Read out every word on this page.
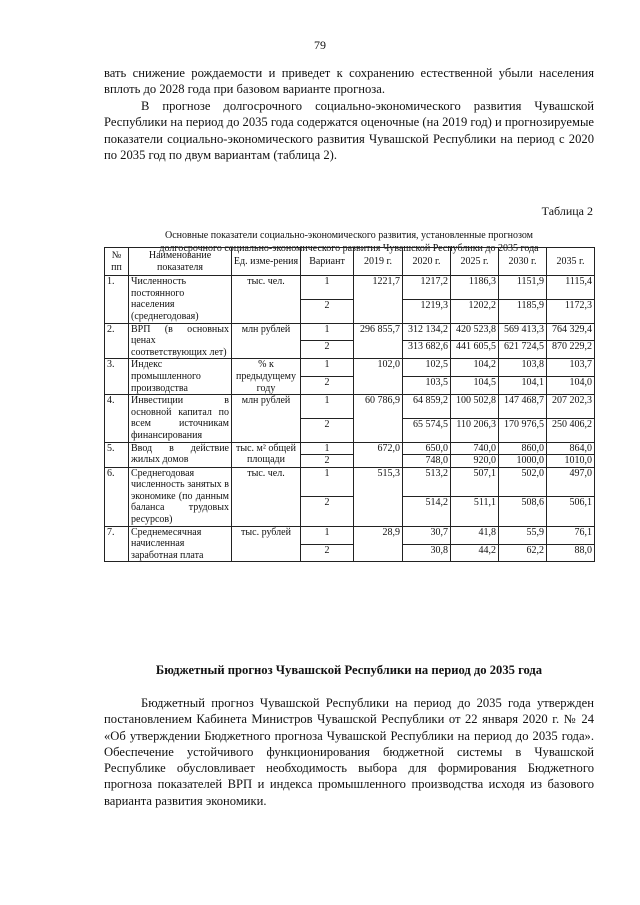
79

вать снижение рождаемости и приведет к сохранению естественной убыли населения вплоть до 2028 года при базовом варианте прогноза.

В прогнозе долгосрочного социально-экономического развития Чувашской Республики на период до 2035 года содержатся оценочные (на 2019 год) и прогнозируемые показатели социально-экономического развития Чувашской Республики на период с 2020 по 2035 год по двум вариантам (таблица 2).

Таблица 2
Основные показатели социально-экономического развития, установленные прогнозом
долгосрочного социально-экономического развития Чувашской Республики до 2035 года
№ пп	Наименование показателя	Ед. изме-рения	Вариант	2019 г.	2020 г.	2025 г.	2030 г.	2035 г.
1.	Численность постоянного населения (среднегодовая)	тыс. чел.	1	1221,7	1217,2	1186,3	1151,9	1115,4
			2		1219,3	1202,2	1185,9	1172,3
2.	ВРП (в основных ценах соответствующих лет)	млн рублей	1	296 855,7	312 134,2	420 523,8	569 413,3	764 329,4
			2		313 682,6	441 605,5	621 724,5	870 229,2
3.	Индекс промышленного производства	% к предыдущему году	1	102,0	102,5	104,2	103,8	103,7
			2		103,5	104,5	104,1	104,0
4.	Инвестиции в основной капитал по всем источникам финансирования	млн рублей	1	60 786,9	64 859,2	100 502,8	147 468,7	207 202,3
			2		65 574,5	110 206,3	170 976,5	250 406,2
5.	Ввод в действие жилых домов	тыс. м² общей площади	1	672,0	650,0	740,0	860,0	864,0
			2		748,0	920,0	1000,0	1010,0
6.	Среднегодовая численность занятых в экономике (по данным баланса трудовых ресурсов)	тыс. чел.	1	515,3	513,2	507,1	502,0	497,0
			2		514,2	511,1	508,6	506,1
7.	Среднемесячная начисленная заработная плата	тыс. рублей	1	28,9	30,7	41,8	55,9	76,1
			2		30,8	44,2	62,2	88,0
Бюджетный прогноз Чувашской Республики на период до 2035 года

Бюджетный прогноз Чувашской Республики на период до 2035 года утвержден постановлением Кабинета Министров Чувашской Республики от 22 января 2020 г. № 24 «Об утверждении Бюджетного прогноза Чувашской Республики на период до 2035 года». Обеспечение устойчивого функционирования бюджетной системы в Чувашской Республике обусловливает необходимость выбора для формирования Бюджетного прогноза показателей ВРП и индекса промышленного производства исходя из базового варианта развития экономики.
